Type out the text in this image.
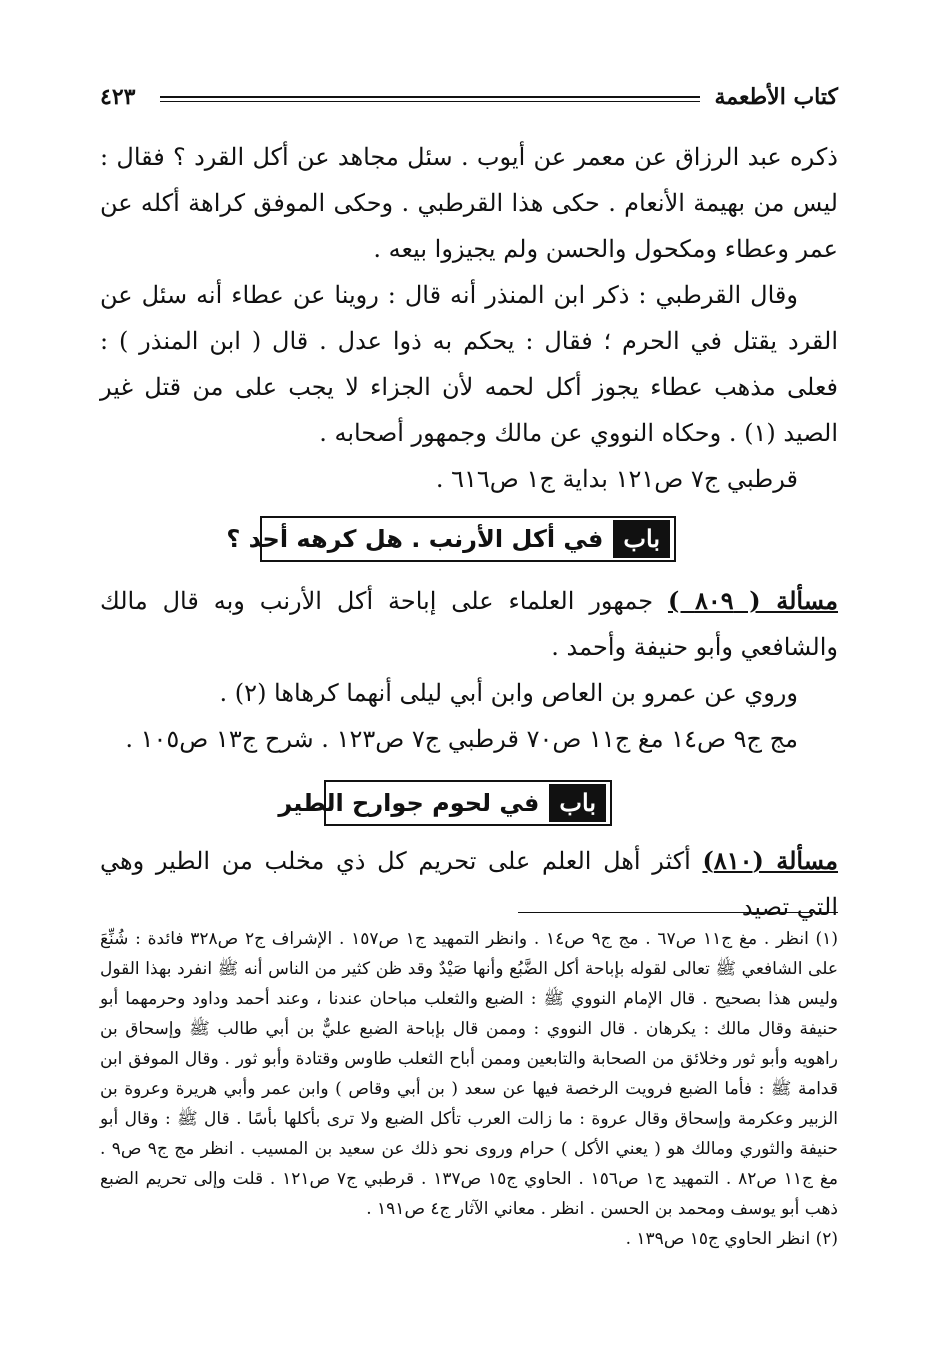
كتاب الأطعمة
٤٢٣

ذكره عبد الرزاق عن معمر عن أيوب . سئل مجاهد عن أكل القرد ؟ فقال : ليس من بهيمة الأنعام . حكى هذا القرطبي . وحكى الموفق كراهة أكله عن عمر وعطاء ومكحول والحسن ولم يجيزوا بيعه .

وقال القرطبي : ذكر ابن المنذر أنه قال : روينا عن عطاء أنه سئل عن القرد يقتل في الحرم ؛ فقال : يحكم به ذوا عدل . قال ( ابن المنذر ) : فعلى مذهب عطاء يجوز أكل لحمه لأن الجزاء لا يجب على من قتل غير الصيد (١) . وحكاه النووي عن مالك وجمهور أصحابه .

قرطبي ج٧ ص١٢١ بداية ج١ ص٦١٦ .

باب
في أكل الأرنب . هل كرهه أحد ؟

مسألة ( ٨٠٩ ) جمهور العلماء على إباحة أكل الأرنب وبه قال مالك والشافعي وأبو حنيفة وأحمد .

وروي عن عمرو بن العاص وابن أبي ليلى أنهما كرهاها (٢) .

مج ج٩ ص١٤ مغ ج١١ ص٧٠ قرطبي ج٧ ص١٢٣ . شرح ج١٣ ص١٠٥ .

باب
في لحوم جوارح الطير

مسألة (٨١٠) أكثر أهل العلم على تحريم كل ذي مخلب من الطير وهي التي تصيد

(١) انظر . مغ ج١١ ص٦٧ . مج ج٩ ص١٤ . وانظر التمهيد ج١ ص١٥٧ . الإشراف ج٢ ص٣٢٨ فائدة : شُنِّعَ على الشافعي ﷺ تعالى لقوله بإباحة أكل الضَّبُع وأنها صَيْدٌ وقد ظن كثير من الناس أنه ﷺ انفرد بهذا القول وليس هذا بصحيح . قال الإمام النووي ﷺ : الضبع والثعلب مباحان عندنا ، وعند أحمد وداود وحرمهما أبو حنيفة وقال مالك : يكرهان . قال النووي : وممن قال بإباحة الضبع عليٌّ بن أبي طالب ﷺ وإسحاق بن راهويه وأبو ثور وخلائق من الصحابة والتابعين وممن أباح الثعلب طاوس وقتادة وأبو ثور . وقال الموفق ابن قدامة ﷺ : فأما الضبع فرويت الرخصة فيها عن سعد ( بن أبي وقاص ) وابن عمر وأبي هريرة وعروة بن الزبير وعكرمة وإسحاق وقال عروة : ما زالت العرب تأكل الضبع ولا ترى بأكلها بأسًا . قال ﷺ : وقال أبو حنيفة والثوري ومالك هو ( يعني الأكل ) حرام وروى نحو ذلك عن سعيد بن المسيب . انظر مج ج٩ ص٩ . مغ ج١١ ص٨٢ . التمهيد ج١ ص١٥٦ . الحاوي ج١٥ ص١٣٧ . قرطبي ج٧ ص١٢١ . قلت وإلى تحريم الضبع ذهب أبو يوسف ومحمد بن الحسن . انظر . معاني الآثار ج٤ ص١٩١ .

(٢) انظر الحاوي ج١٥ ص١٣٩ .
